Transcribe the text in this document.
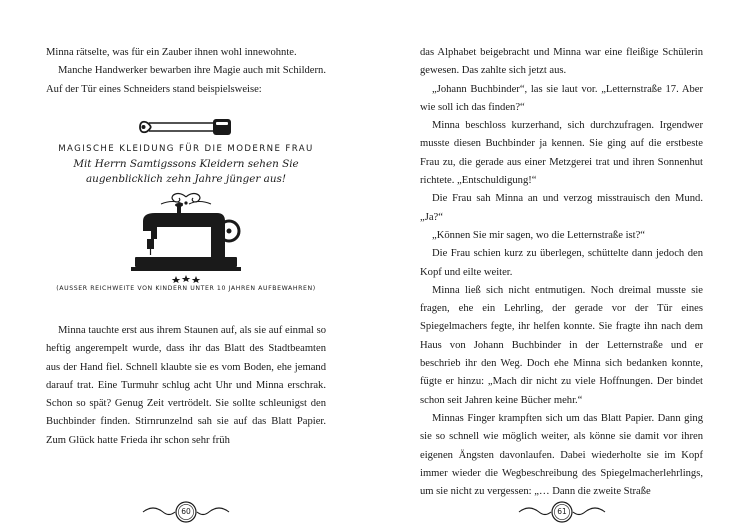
Minna rätselte, was für ein Zauber ihnen wohl innewohnte.

Manche Handwerker bewarben ihre Magie auch mit Schildern. Auf der Tür eines Schneiders stand beispielsweise:

MAGISCHE KLEIDUNG FÜR DIE MODERNE FRAU
Mit Herrn Samtigssons Kleidern sehen Sie
augenblicklich zehn Jahre jünger aus!
(AUSSER REICHWEITE VON KINDERN UNTER 10 JAHREN AUFBEWAHREN)

Minna tauchte erst aus ihrem Staunen auf, als sie auf einmal so heftig angerempelt wurde, dass ihr das Blatt des Stadtbeamten aus der Hand fiel. Schnell klaubte sie es vom Boden, ehe jemand darauf trat. Eine Turmuhr schlug acht Uhr und Minna erschrak. Schon so spät? Genug Zeit vertrödelt. Sie sollte schleunigst den Buchbinder finden. Stirnrunzelnd sah sie auf das Blatt Papier. Zum Glück hatte Frieda ihr schon sehr früh

60

das Alphabet beigebracht und Minna war eine fleißige Schülerin gewesen. Das zahlte sich jetzt aus.

„Johann Buchbinder“, las sie laut vor. „Letternstraße 17. Aber wie soll ich das finden?“

Minna beschloss kurzerhand, sich durchzufragen. Irgendwer musste diesen Buchbinder ja kennen. Sie ging auf die erstbeste Frau zu, die gerade aus einer Metzgerei trat und ihren Sonnenhut richtete. „Entschuldigung!“

Die Frau sah Minna an und verzog misstrauisch den Mund. „Ja?“

„Können Sie mir sagen, wo die Letternstraße ist?“

Die Frau schien kurz zu überlegen, schüttelte dann jedoch den Kopf und eilte weiter.

Minna ließ sich nicht entmutigen. Noch dreimal musste sie fragen, ehe ein Lehrling, der gerade vor der Tür eines Spiegelmachers fegte, ihr helfen konnte. Sie fragte ihn nach dem Haus von Johann Buchbinder in der Letternstraße und er beschrieb ihr den Weg. Doch ehe Minna sich bedanken konnte, fügte er hinzu: „Mach dir nicht zu viele Hoffnungen. Der bindet schon seit Jahren keine Bücher mehr.“

Minnas Finger krampften sich um das Blatt Papier. Dann ging sie so schnell wie möglich weiter, als könne sie damit vor ihren eigenen Ängsten davonlaufen. Dabei wiederholte sie im Kopf immer wieder die Wegbeschreibung des Spiegelmacherlehrlings, um sie nicht zu vergessen: „… Dann die zweite Straße

61
